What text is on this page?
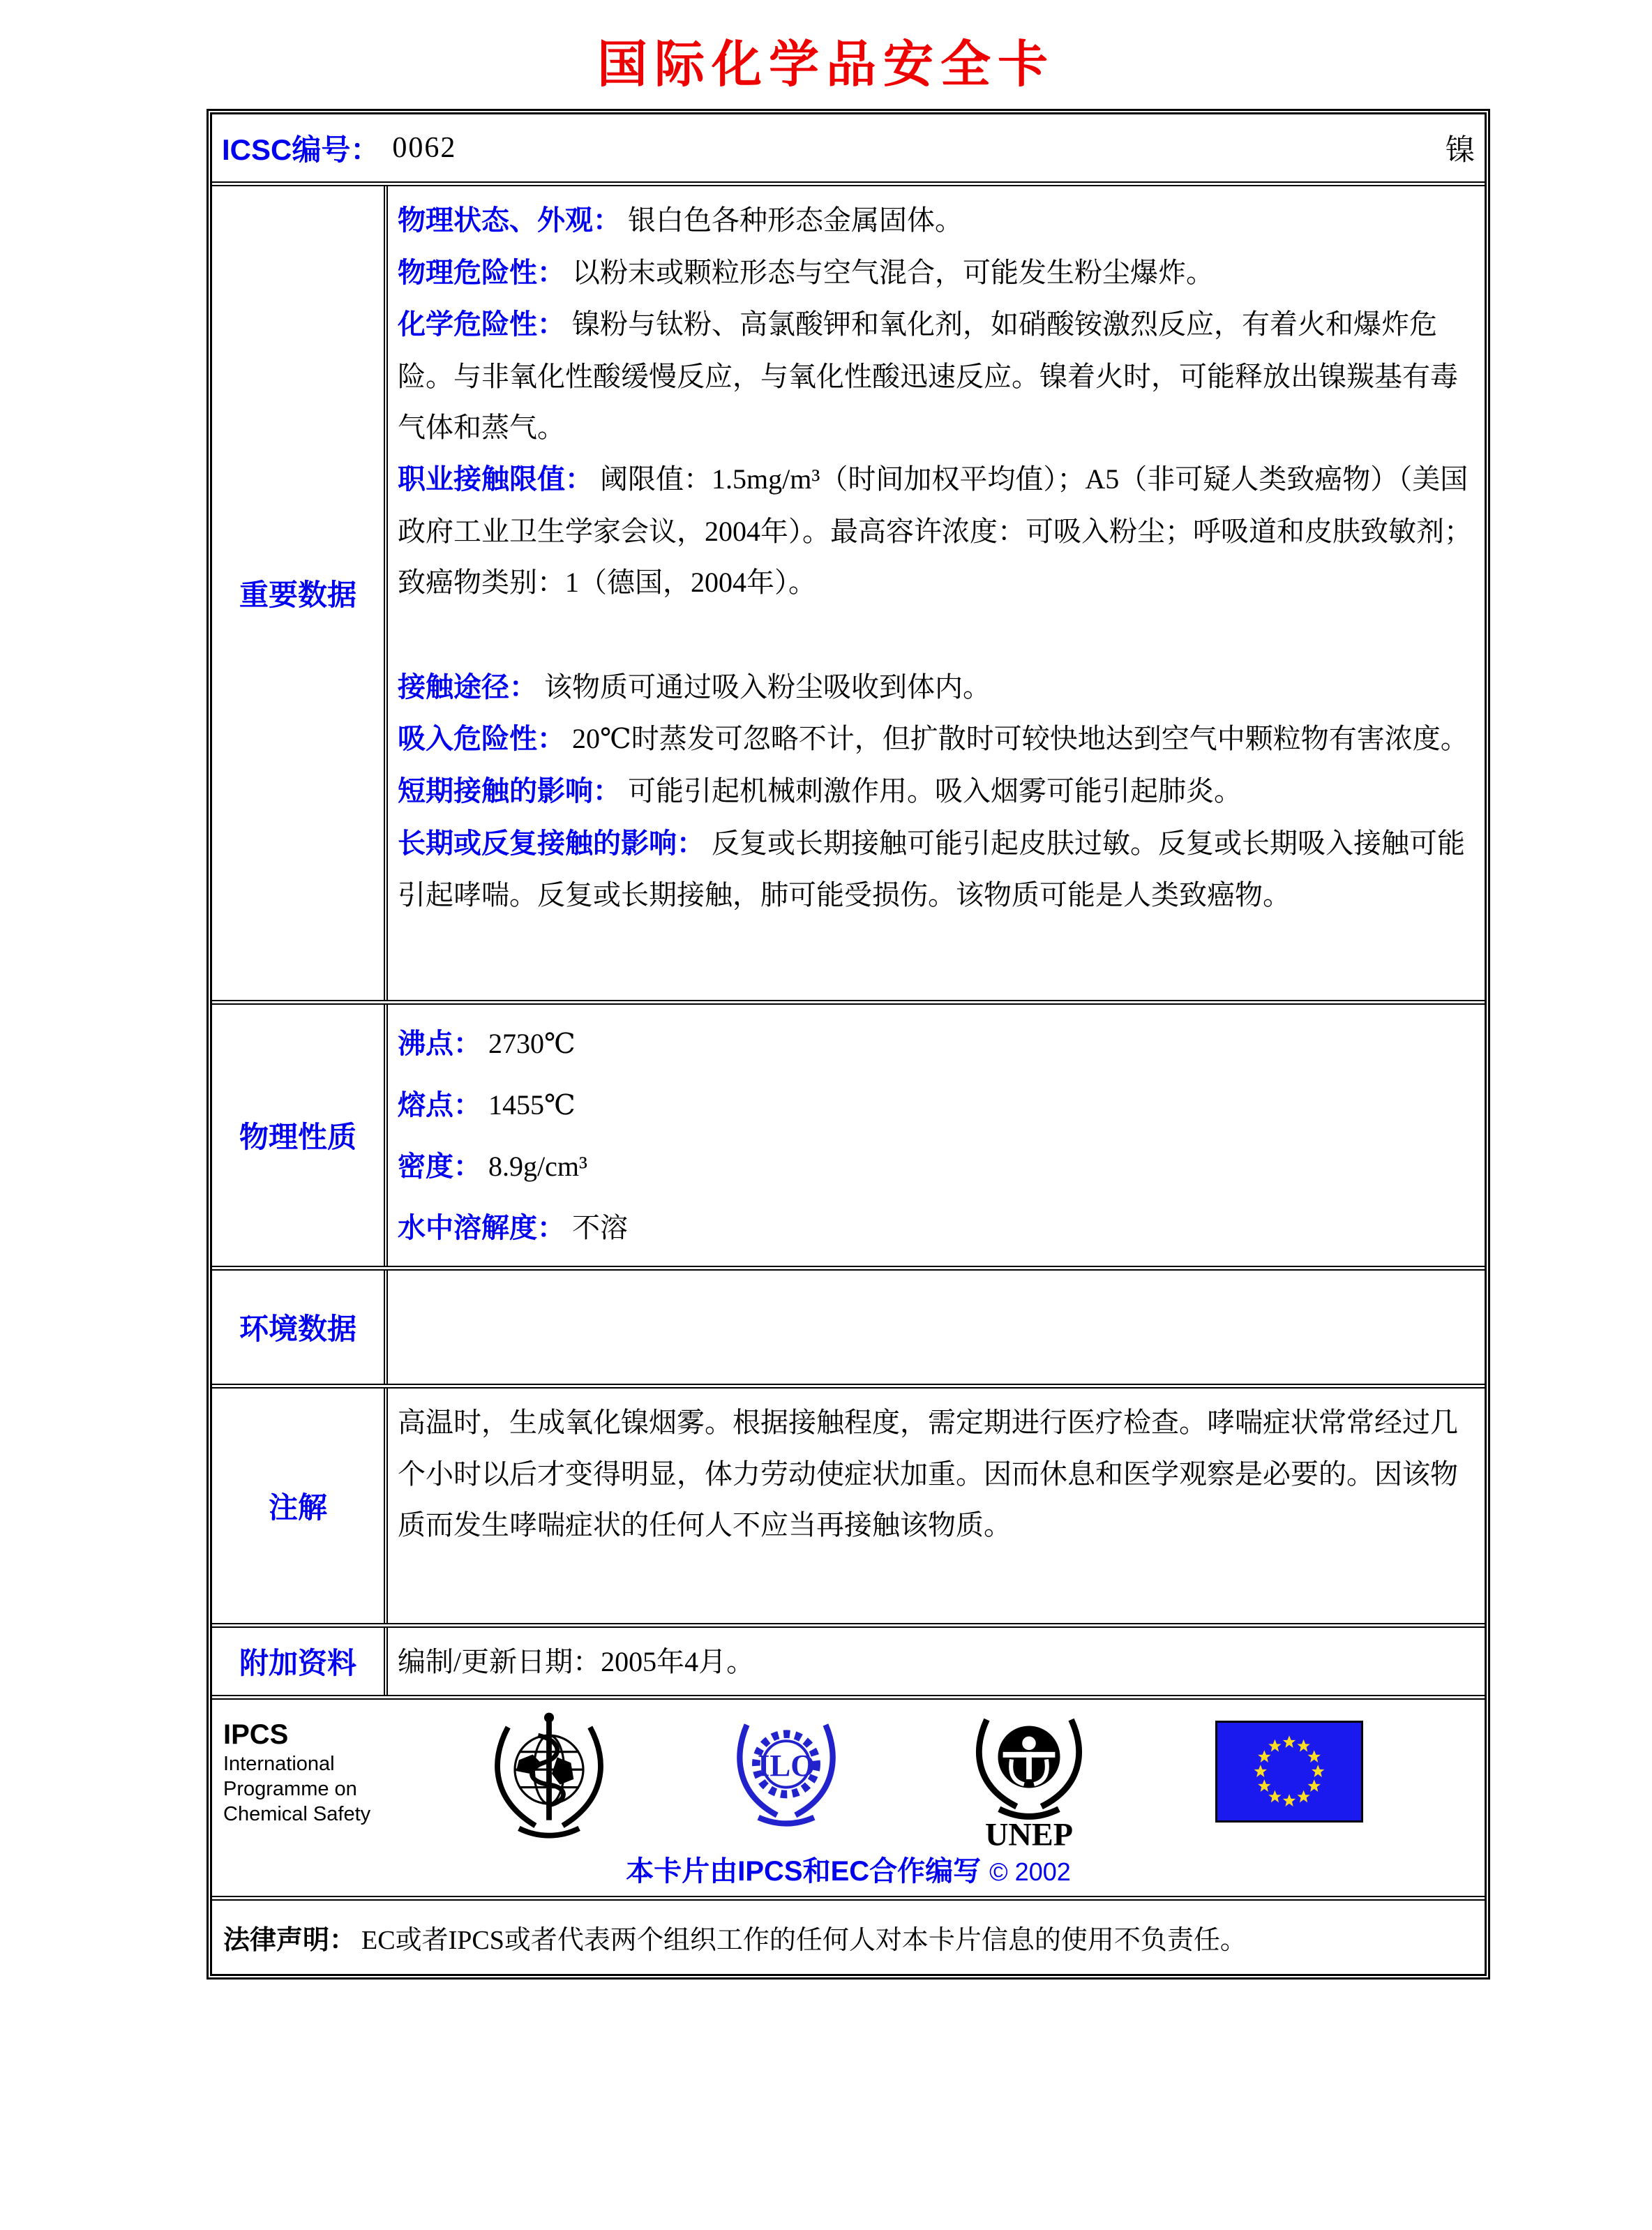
国际化学品安全卡
ICSC编号： 0062	镍
重要数据
物理状态、外观： 银白色各种形态金属固体。
物理危险性： 以粉末或颗粒形态与空气混合，可能发生粉尘爆炸。
化学危险性： 镍粉与钛粉、高氯酸钾和氧化剂，如硝酸铵激烈反应，有着火和爆炸危险。与非氧化性酸缓慢反应，与氧化性酸迅速反应。镍着火时，可能释放出镍羰基有毒气体和蒸气。
职业接触限值： 阈限值：1.5mg/m³（时间加权平均值）；A5（非可疑人类致癌物）（美国政府工业卫生学家会议，2004年）。最高容许浓度：可吸入粉尘；呼吸道和皮肤致敏剂；致癌物类别：1（德国，2004年）。
接触途径： 该物质可通过吸入粉尘吸收到体内。
吸入危险性： 20℃时蒸发可忽略不计，但扩散时可较快地达到空气中颗粒物有害浓度。
短期接触的影响： 可能引起机械刺激作用。吸入烟雾可能引起肺炎。
长期或反复接触的影响： 反复或长期接触可能引起皮肤过敏。反复或长期吸入接触可能引起哮喘。反复或长期接触，肺可能受损伤。该物质可能是人类致癌物。
物理性质
沸点： 2730℃
熔点： 1455℃
密度： 8.9g/cm³
水中溶解度： 不溶
环境数据
注解
高温时，生成氧化镍烟雾。根据接触程度，需定期进行医疗检查。哮喘症状常常经过几个小时以后才变得明显，体力劳动使症状加重。因而休息和医学观察是必要的。因该物质而发生哮喘症状的任何人不应当再接触该物质。
附加资料	编制/更新日期：2005年4月。
IPCS
International
Programme on
Chemical Safety
ILO
UNEP
本卡片由IPCS和EC合作编写 © 2002
法律声明： EC或者IPCS或者代表两个组织工作的任何人对本卡片信息的使用不负责任。
